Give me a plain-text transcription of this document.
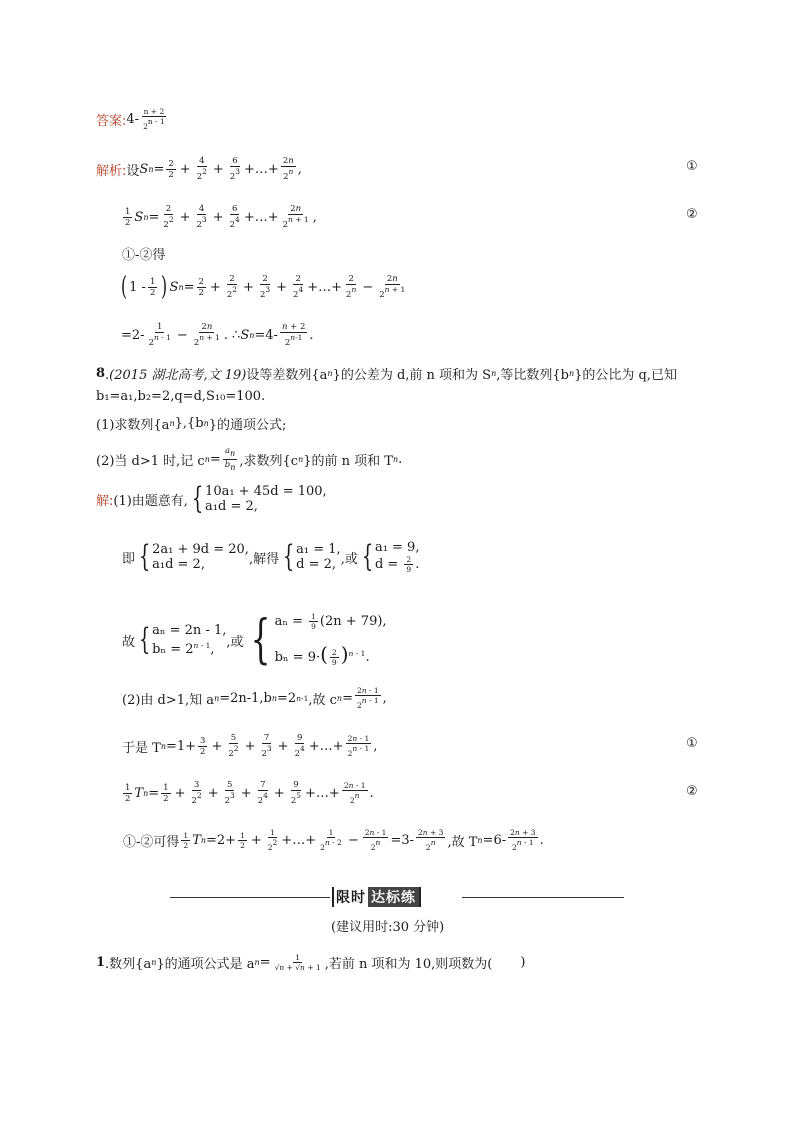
答案: $4- \frac{n + 2}{2^{n - 1}}$
解析: 设 S $n = \frac{2}{2} + \frac{4}{2^2} + \frac{6}{2^3}$ +…+ $\frac{2n}{2^n}$ ,	①
$\frac{1}{2}$ S $n = \frac{2}{2^2} + \frac{4}{2^3} + \frac{6}{2^4}$ +…+ $\frac{2n}{2^{n + 1}}$ ,	②
①-②得
( $1 - \frac{1}{2}$ ) S $n = \frac{2}{2} + \frac{2}{2^2} + \frac{2}{2^3} + \frac{2}{2^4}$ +…+ $\frac{2}{2^n} - \frac{2n}{2^{n + 1}}$
$=2- \frac{1}{2^{n - 1}} - \frac{2n}{2^{n + 1}}$ . ∴ S $n =4- \frac{n + 2}{2^{n-1}}$ .
8 .(2015 湖北高考,文 19) 设等差数列{a n }的公差为 d,前 n 项和为 S n ,等比数列{b n }的公比为 q,已知
b₁=a₁,b₂=2,q=d,S₁₀=100.
(1)求数列{a n },{b n }的通项公式;
(2)当 d>1 时,记 c $n = \frac{a_n}{b_n}$ ,求数列{c n }的前 n 项和 T n .
解: (1)由题意有, { 10a₁ + 45d = 100,
a₁d = 2,
即 { 2a₁ + 9d = 20,
a₁d = 2,	,解得 { a₁ = 1,
d = 2, ,或 { a₁ = 9,
$d = \frac{2}{9}$ .
故 { aₙ = 2n - 1,
$b_n = 2^{n - 1}$, ,或 { $a_n = \frac{1}{9} (2n + 79)$,
$b_n = 9\cdot( \frac{2}{9} )^{n - 1}$.
(2)由 d>1,知 a n =2n-1,b n =2 n-1 ,故 c $n = \frac{2n - 1}{2^{n - 1}}$ ,
于是 T $n =1+ \frac{3}{2} + \frac{5}{2^2} + \frac{7}{2^3} + \frac{9}{2^4}$ +…+ $\frac{2n - 1}{2^{n - 1}}$ ,	①
$\frac{1}{2}$ T $n = \frac{1}{2} + \frac{3}{2^2} + \frac{5}{2^3} + \frac{7}{2^4} + \frac{9}{2^5}$ +…+ $\frac{2n - 1}{2^n}$ .	②
①-②可得 $\frac{1}{2}$ T $n =2+ \frac{1}{2} + \frac{1}{2^2}$ +…+ $\frac{1}{2^{n - 2}} - \frac{2n - 1}{2^n} =3- \frac{2n + 3}{2^n}$ ,故 T $n =6- \frac{2n + 3}{2^{n - 1}}$ .
限时 达标练
(建议用时:30 分钟)
1 .数列{a n }的通项公式是 a $n = \frac{1}{√n + √n + 1}$ ,若前 n 项和为 10,则项数为( )
